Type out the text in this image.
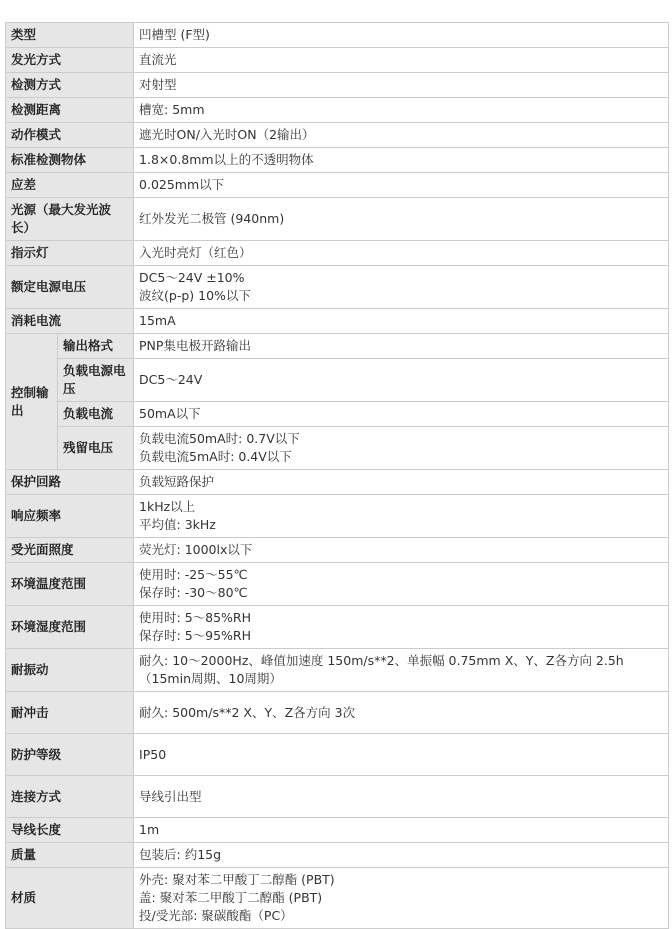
类型		凹槽型 (F型)

发光方式		直流光

检测方式		对射型

检测距离		槽宽: 5mm

动作模式		遮光时ON/入光时ON（2输出）

标准检测物体		1.8×0.8mm以上的不透明物体

应差		0.025mm以下

光源（最大发光波长）		红外发光二极管 (940nm)

指示灯		入光时亮灯（红色）

额定电源电压		DC5～24V ±10%
波纹(p-p) 10%以下

消耗电流		15mA

控制输出	输出格式	PNP集电极开路输出

	负载电源电压	DC5～24V

	负载电流	50mA以下

	残留电压	负载电流50mA时: 0.7V以下
负载电流5mA时: 0.4V以下

保护回路		负载短路保护

响应频率		1kHz以上
平均值: 3kHz

受光面照度		荧光灯: 1000lx以下

环境温度范围		使用时: -25～55℃
保存时: -30～80℃

环境湿度范围		使用时: 5～85%RH
保存时: 5～95%RH

耐振动		耐久: 10～2000Hz、峰值加速度 150m/s**2、单振幅 0.75mm X、Y、Z各方向 2.5h（15min周期、10周期）

耐冲击		耐久: 500m/s**2 X、Y、Z各方向 3次

防护等级		IP50

连接方式		导线引出型

导线长度		1m

质量		包装后: 约15g

材质		外壳: 聚对苯二甲酸丁二醇酯 (PBT)
盖: 聚对苯二甲酸丁二醇酯 (PBT)
投/受光部: 聚碳酸酯（PC）
